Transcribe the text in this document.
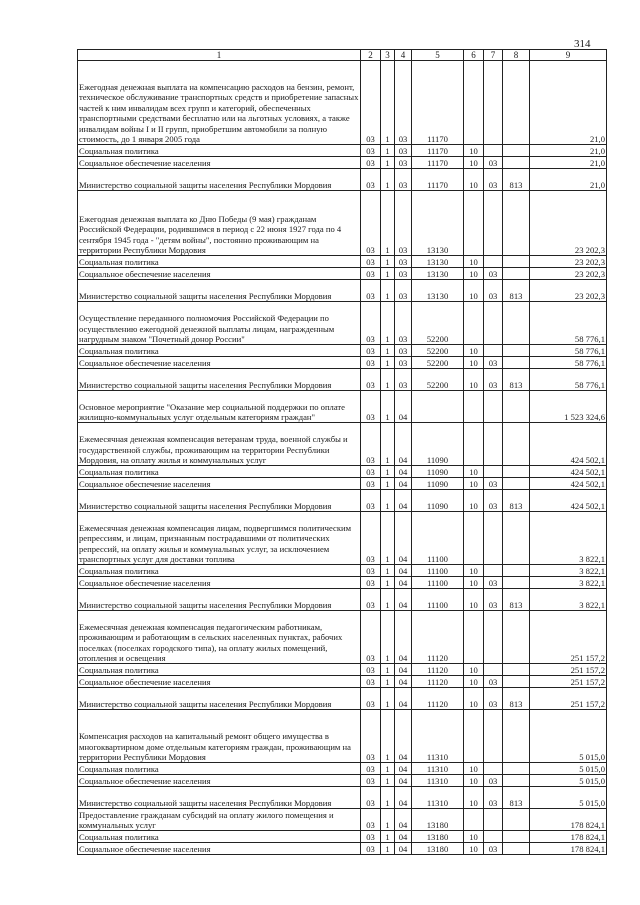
314
1	2	3	4	5	6	7	8	9
Ежегодная денежная выплата на компенсацию расходов на бензин, ремонт, техническое обслуживание транспортных средств и приобретение запасных частей к ним инвалидам всех групп и категорий, обеспеченных транспортными средствами бесплатно или на льготных условиях, а также инвалидам войны I и II групп, приобретшим автомобили за полную стоимость, до 1 января 2005 года	03	1	03	11170				21,0
Социальная политика	03	1	03	11170	10			21,0
Социальное обеспечение населения	03	1	03	11170	10	03		21,0
Министерство социальной защиты населения Республики Мордовия	03	1	03	11170	10	03	813	21,0
Ежегодная денежная выплата ко Дню Победы (9 мая) гражданам Российской Федерации, родившимся в период с 22 июня 1927 года по 4 сентября 1945 года - "детям войны", постоянно проживающим на территории Республики Мордовия	03	1	03	13130				23 202,3
Социальная политика	03	1	03	13130	10			23 202,3
Социальное обеспечение населения	03	1	03	13130	10	03		23 202,3
Министерство социальной защиты населения Республики Мордовия	03	1	03	13130	10	03	813	23 202,3
Осуществление переданного полномочия Российской Федерации по осуществлению ежегодной денежной выплаты лицам, награжденным нагрудным знаком "Почетный донор России"	03	1	03	52200				58 776,1
Социальная политика	03	1	03	52200	10			58 776,1
Социальное обеспечение населения	03	1	03	52200	10	03		58 776,1
Министерство социальной защиты населения Республики Мордовия	03	1	03	52200	10	03	813	58 776,1
Основное мероприятие "Оказание мер социальной поддержки по оплате жилищно-коммунальных услуг отдельным категориям граждан"	03	1	04					1 523 324,6
Ежемесячная денежная компенсация ветеранам труда, военной службы и государственной службы, проживающим на территории Республики Мордовия, на оплату жилья и коммунальных услуг	03	1	04	11090				424 502,1
Социальная политика	03	1	04	11090	10			424 502,1
Социальное обеспечение населения	03	1	04	11090	10	03		424 502,1
Министерство социальной защиты населения Республики Мордовия	03	1	04	11090	10	03	813	424 502,1
Ежемесячная денежная компенсация лицам, подвергшимся политическим репрессиям, и лицам, признанным пострадавшими от политических репрессий, на оплату жилья и коммунальных услуг, за исключением транспортных услуг для доставки топлива	03	1	04	11100				3 822,1
Социальная политика	03	1	04	11100	10			3 822,1
Социальное обеспечение населения	03	1	04	11100	10	03		3 822,1
Министерство социальной защиты населения Республики Мордовия	03	1	04	11100	10	03	813	3 822,1
Ежемесячная денежная компенсация педагогическим работникам, проживающим и работающим в сельских населенных пунктах, рабочих поселках (поселках городского типа), на оплату жилых помещений, отопления и освещения	03	1	04	11120				251 157,2
Социальная политика	03	1	04	11120	10			251 157,2
Социальное обеспечение населения	03	1	04	11120	10	03		251 157,2
Министерство социальной защиты населения Республики Мордовия	03	1	04	11120	10	03	813	251 157,2
Компенсация расходов на капитальный ремонт общего имущества в многоквартирном доме отдельным категориям граждан, проживающим на территории Республики Мордовия	03	1	04	11310				5 015,0
Социальная политика	03	1	04	11310	10			5 015,0
Социальное обеспечение населения	03	1	04	11310	10	03		5 015,0
Министерство социальной защиты населения Республики Мордовия	03	1	04	11310	10	03	813	5 015,0
Предоставление гражданам субсидий на оплату жилого помещения и коммунальных услуг	03	1	04	13180				178 824,1
Социальная политика	03	1	04	13180	10			178 824,1
Социальное обеспечение населения	03	1	04	13180	10	03		178 824,1
